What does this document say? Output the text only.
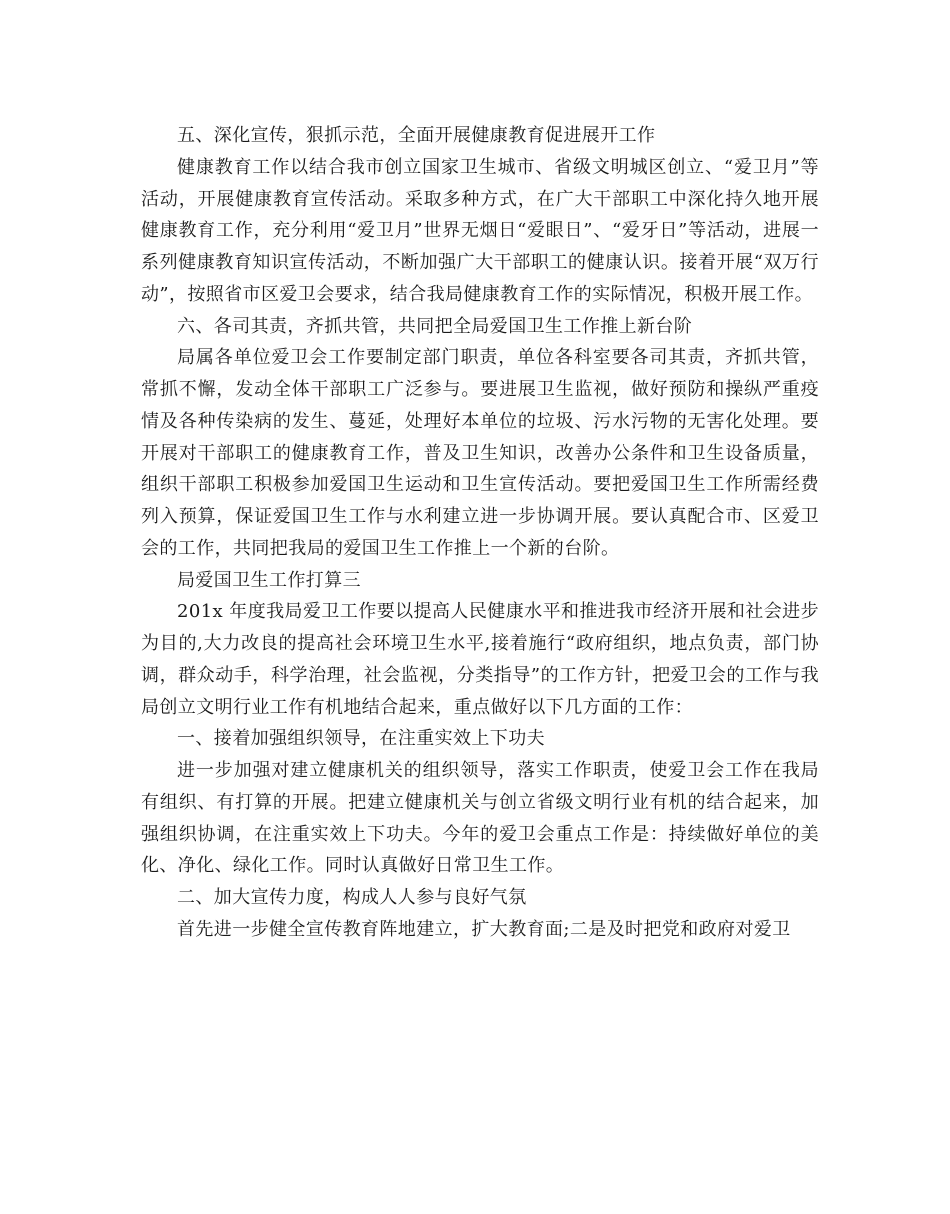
五、深化宣传，狠抓示范，全面开展健康教育促进展开工作

健康教育工作以结合我市创立国家卫生城市、省级文明城区创立、“爱卫月”等活动，开展健康教育宣传活动。采取多种方式，在广大干部职工中深化持久地开展健康教育工作，充分利用“爱卫月”世界无烟日“爱眼日”、“爱牙日”等活动，进展一系列健康教育知识宣传活动，不断加强广大干部职工的健康认识。接着开展“双万行动”，按照省市区爱卫会要求，结合我局健康教育工作的实际情况，积极开展工作。

六、各司其责，齐抓共管，共同把全局爱国卫生工作推上新台阶

局属各单位爱卫会工作要制定部门职责，单位各科室要各司其责，齐抓共管，常抓不懈，发动全体干部职工广泛参与。要进展卫生监视，做好预防和操纵严重疫情及各种传染病的发生、蔓延，处理好本单位的垃圾、污水污物的无害化处理。要开展对干部职工的健康教育工作，普及卫生知识，改善办公条件和卫生设备质量，组织干部职工积极参加爱国卫生运动和卫生宣传活动。要把爱国卫生工作所需经费列入预算，保证爱国卫生工作与水利建立进一步协调开展。要认真配合市、区爱卫会的工作，共同把我局的爱国卫生工作推上一个新的台阶。

局爱国卫生工作打算三

201x 年度我局爱卫工作要以提高人民健康水平和推进我市经济开展和社会进步为目的,大力改良的提高社会环境卫生水平,接着施行“政府组织，地点负责，部门协调，群众动手，科学治理，社会监视，分类指导”的工作方针，把爱卫会的工作与我局创立文明行业工作有机地结合起来，重点做好以下几方面的工作：

一、接着加强组织领导，在注重实效上下功夫

进一步加强对建立健康机关的组织领导，落实工作职责，使爱卫会工作在我局有组织、有打算的开展。把建立健康机关与创立省级文明行业有机的结合起来，加强组织协调，在注重实效上下功夫。今年的爱卫会重点工作是：持续做好单位的美化、净化、绿化工作。同时认真做好日常卫生工作。

二、加大宣传力度，构成人人参与良好气氛

首先进一步健全宣传教育阵地建立，扩大教育面;二是及时把党和政府对爱卫
